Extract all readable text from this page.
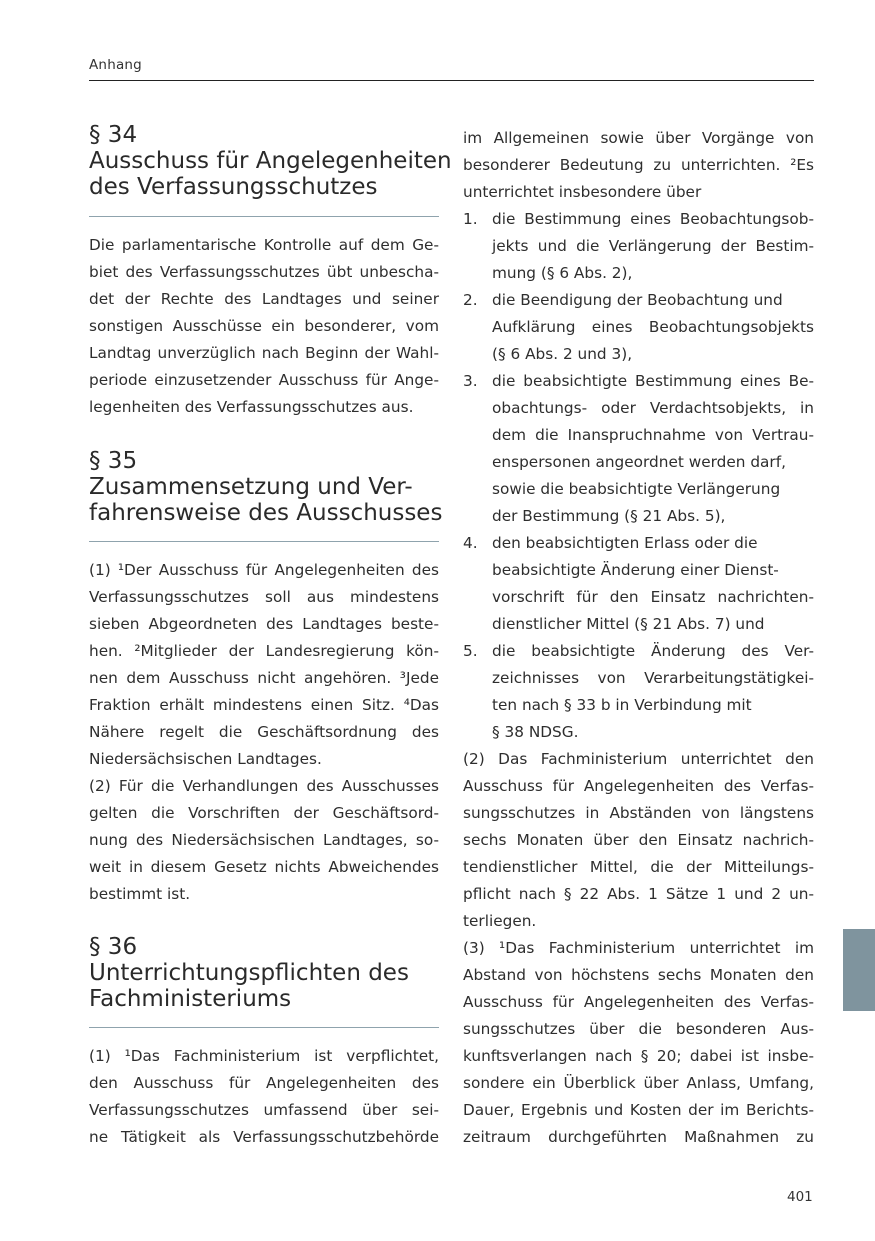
Anhang
§ 34
Ausschuss für Angelegenheiten
des Verfassungsschutzes
Die parlamentarische Kontrolle auf dem Ge-
biet des Verfassungsschutzes übt unbescha-
det der Rechte des Landtages und seiner
sonstigen Ausschüsse ein besonderer, vom
Landtag unverzüglich nach Beginn der Wahl-
periode einzusetzender Ausschuss für Ange-
legenheiten des Verfassungsschutzes aus.
§ 35
Zusammensetzung und Ver-
fahrensweise des Ausschusses
(1) ¹Der Ausschuss für Angelegenheiten des
Verfassungsschutzes soll aus mindestens
sieben Abgeordneten des Landtages beste-
hen. ²Mitglieder der Landesregierung kön-
nen dem Ausschuss nicht angehören. ³Jede
Fraktion erhält mindestens einen Sitz. ⁴Das
Nähere regelt die Geschäftsordnung des
Niedersächsischen Landtages.
(2) Für die Verhandlungen des Ausschusses
gelten die Vorschriften der Geschäftsord-
nung des Niedersächsischen Landtages, so-
weit in diesem Gesetz nichts Abweichendes
bestimmt ist.
§ 36
Unterrichtungspflichten des
Fachministeriums
(1) ¹Das Fachministerium ist verpflichtet,
den Ausschuss für Angelegenheiten des
Verfassungsschutzes umfassend über sei-
ne Tätigkeit als Verfassungsschutzbehörde
im Allgemeinen sowie über Vorgänge von
besonderer Bedeutung zu unterrichten. ²Es
unterrichtet insbesondere über
1. die Bestimmung eines Beobachtungsob-
jekts und die Verlängerung der Bestim-
mung (§ 6 Abs. 2),
2. die Beendigung der Beobachtung und
Aufklärung eines Beobachtungsobjekts
(§ 6 Abs. 2 und 3),
3. die beabsichtigte Bestimmung eines Be-
obachtungs- oder Verdachtsobjekts, in
dem die Inanspruchnahme von Vertrau-
enspersonen angeordnet werden darf,
sowie die beabsichtigte Verlängerung
der Bestimmung (§ 21 Abs. 5),
4. den beabsichtigten Erlass oder die
beabsichtigte Änderung einer Dienst-
vorschrift für den Einsatz nachrichten-
dienstlicher Mittel (§ 21 Abs. 7) und
5. die beabsichtigte Änderung des Ver-
zeichnisses von Verarbeitungstätigkei-
ten nach § 33 b in Verbindung mit
§ 38 NDSG.
(2) Das Fachministerium unterrichtet den
Ausschuss für Angelegenheiten des Verfas-
sungsschutzes in Abständen von längstens
sechs Monaten über den Einsatz nachrich-
tendienstlicher Mittel, die der Mitteilungs-
pflicht nach § 22 Abs. 1 Sätze 1 und 2 un-
terliegen.
(3) ¹Das Fachministerium unterrichtet im
Abstand von höchstens sechs Monaten den
Ausschuss für Angelegenheiten des Verfas-
sungsschutzes über die besonderen Aus-
kunftsverlangen nach § 20; dabei ist insbe-
sondere ein Überblick über Anlass, Umfang,
Dauer, Ergebnis und Kosten der im Berichts-
zeitraum durchgeführten Maßnahmen zu
401
